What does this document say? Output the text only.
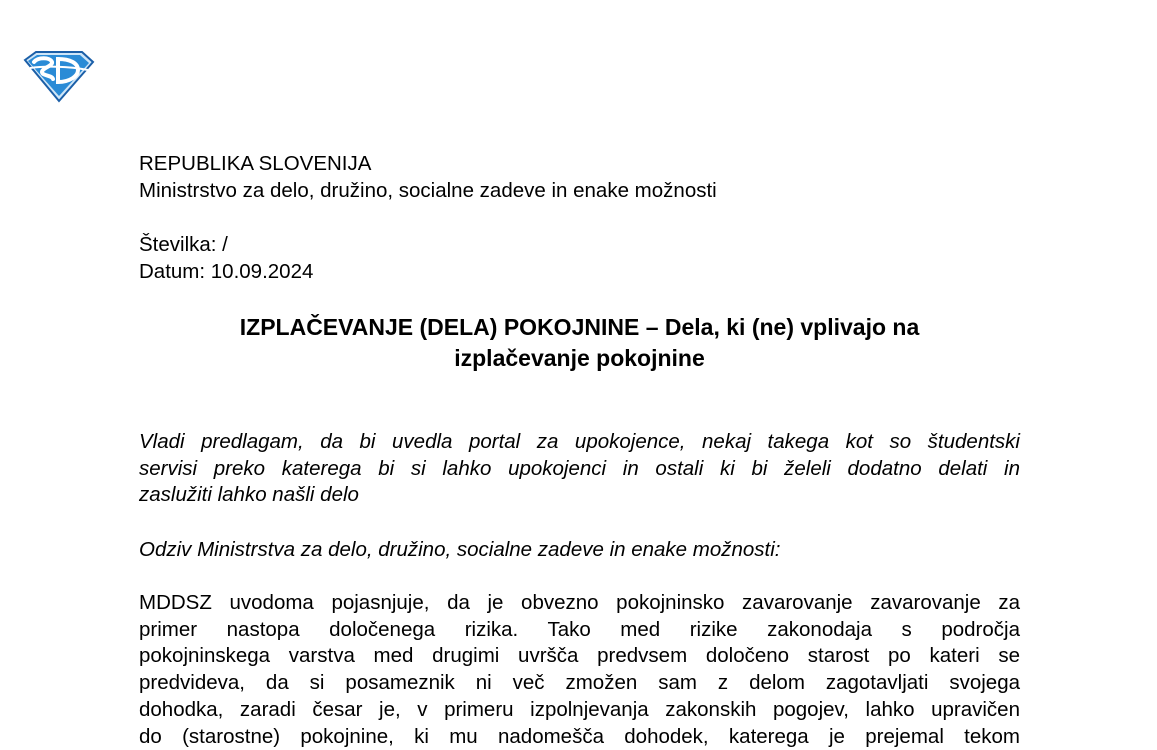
REPUBLIKA SLOVENIJA
Ministrstvo za delo, družino, socialne zadeve in enake možnosti
Številka: /
Datum: 10.09.2024
IZPLAČEVANJE (DELA) POKOJNINE – Dela, ki (ne) vplivajo na
izplačevanje pokojnine
Vladi predlagam, da bi uvedla portal za upokojence, nekaj takega kot so študentski
servisi preko katerega bi si lahko upokojenci in ostali ki bi želeli dodatno delati in
zaslužiti lahko našli delo
Odziv Ministrstva za delo, družino, socialne zadeve in enake možnosti:
MDDSZ uvodoma pojasnjuje, da je obvezno pokojninsko zavarovanje zavarovanje za
primer nastopa določenega rizika. Tako med rizike zakonodaja s področja
pokojninskega varstva med drugimi uvršča predvsem določeno starost po kateri se
predvideva, da si posameznik ni več zmožen sam z delom zagotavljati svojega
dohodka, zaradi česar je, v primeru izpolnjevanja zakonskih pogojev, lahko upravičen
do (starostne) pokojnine, ki mu nadomešča dohodek, katerega je prejemal tekom
